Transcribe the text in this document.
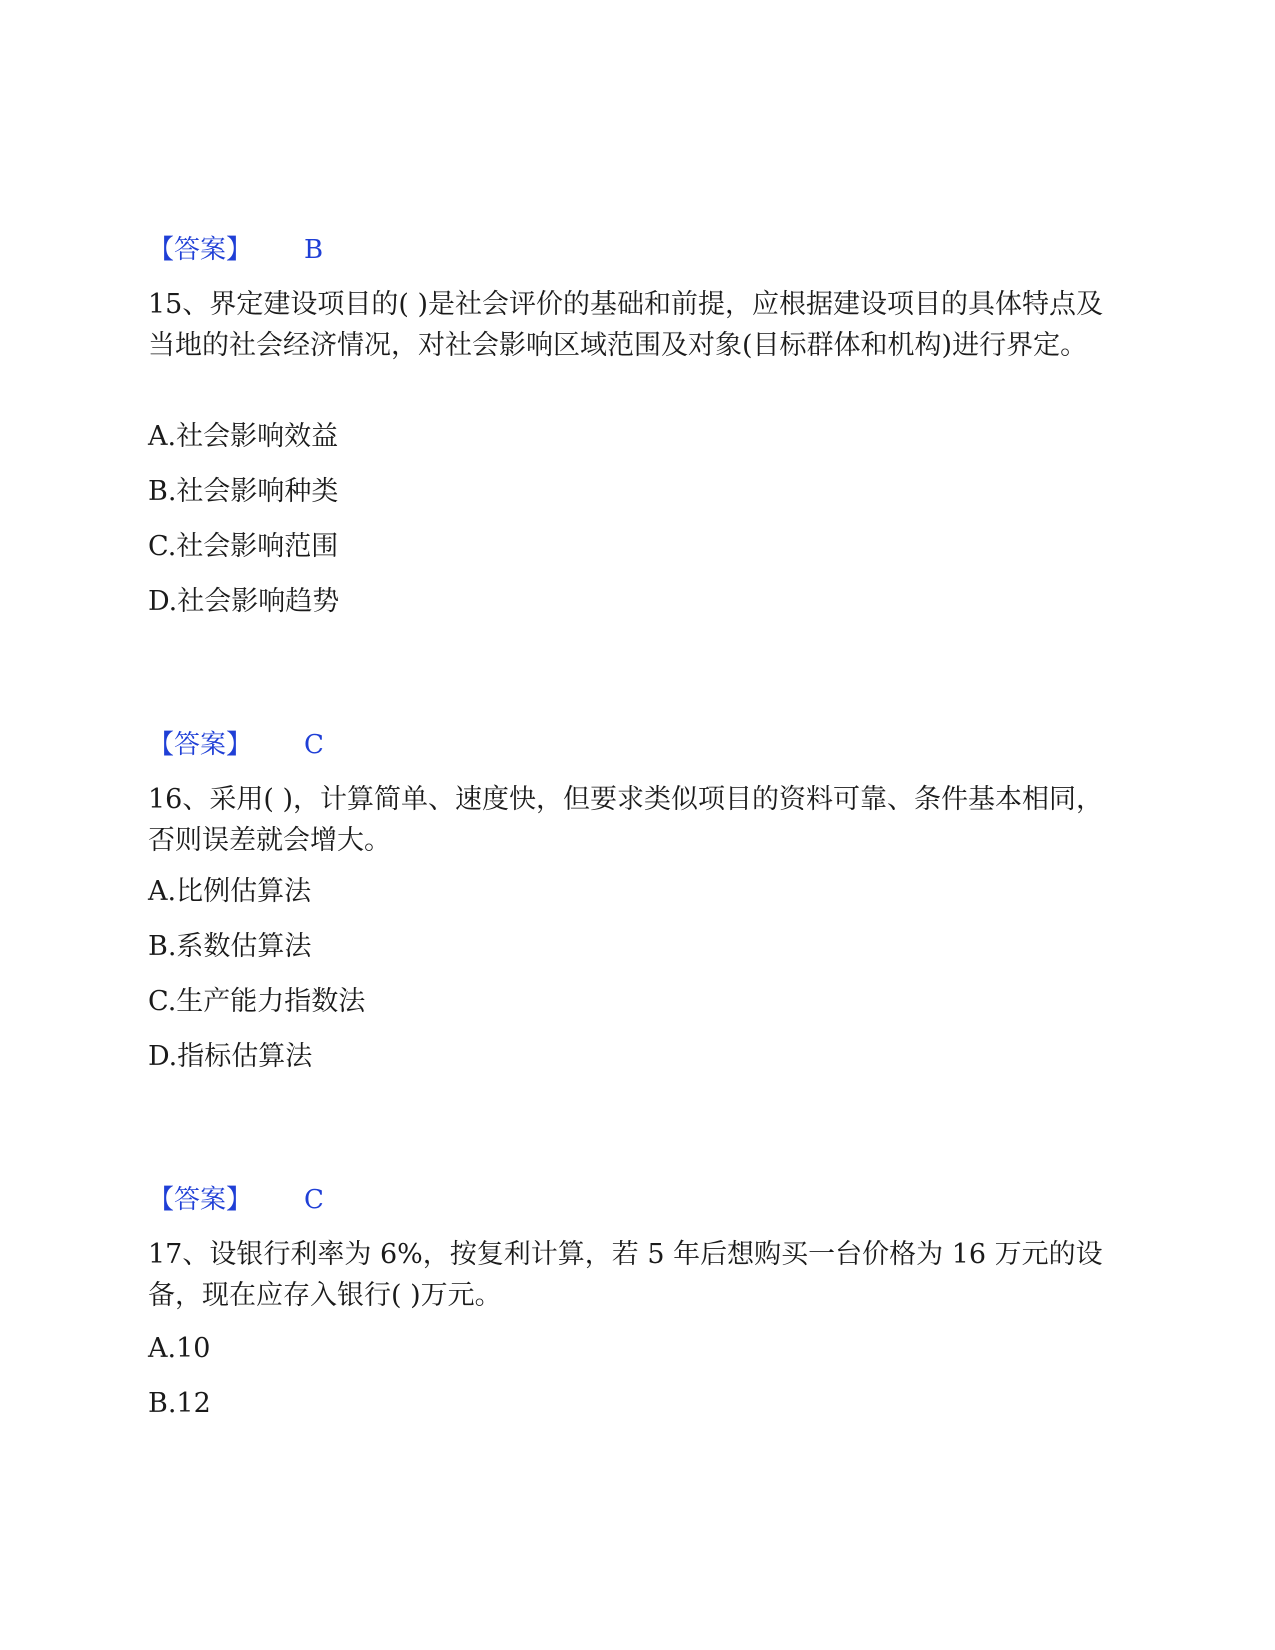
【答案】 B

15、界定建设项目的( )是社会评价的基础和前提，应根据建设项目的具体特点及当地的社会经济情况，对社会影响区域范围及对象(目标群体和机构)进行界定。

A.社会影响效益
B.社会影响种类
C.社会影响范围
D.社会影响趋势
【答案】 C

16、采用( )，计算简单、速度快，但要求类似项目的资料可靠、条件基本相同，否则误差就会增大。

A.比例估算法
B.系数估算法
C.生产能力指数法
D.指标估算法
【答案】 C

17、设银行利率为 6%，按复利计算，若 5 年后想购买一台价格为 16 万元的设备，现在应存入银行( )万元。

A.10
B.12
